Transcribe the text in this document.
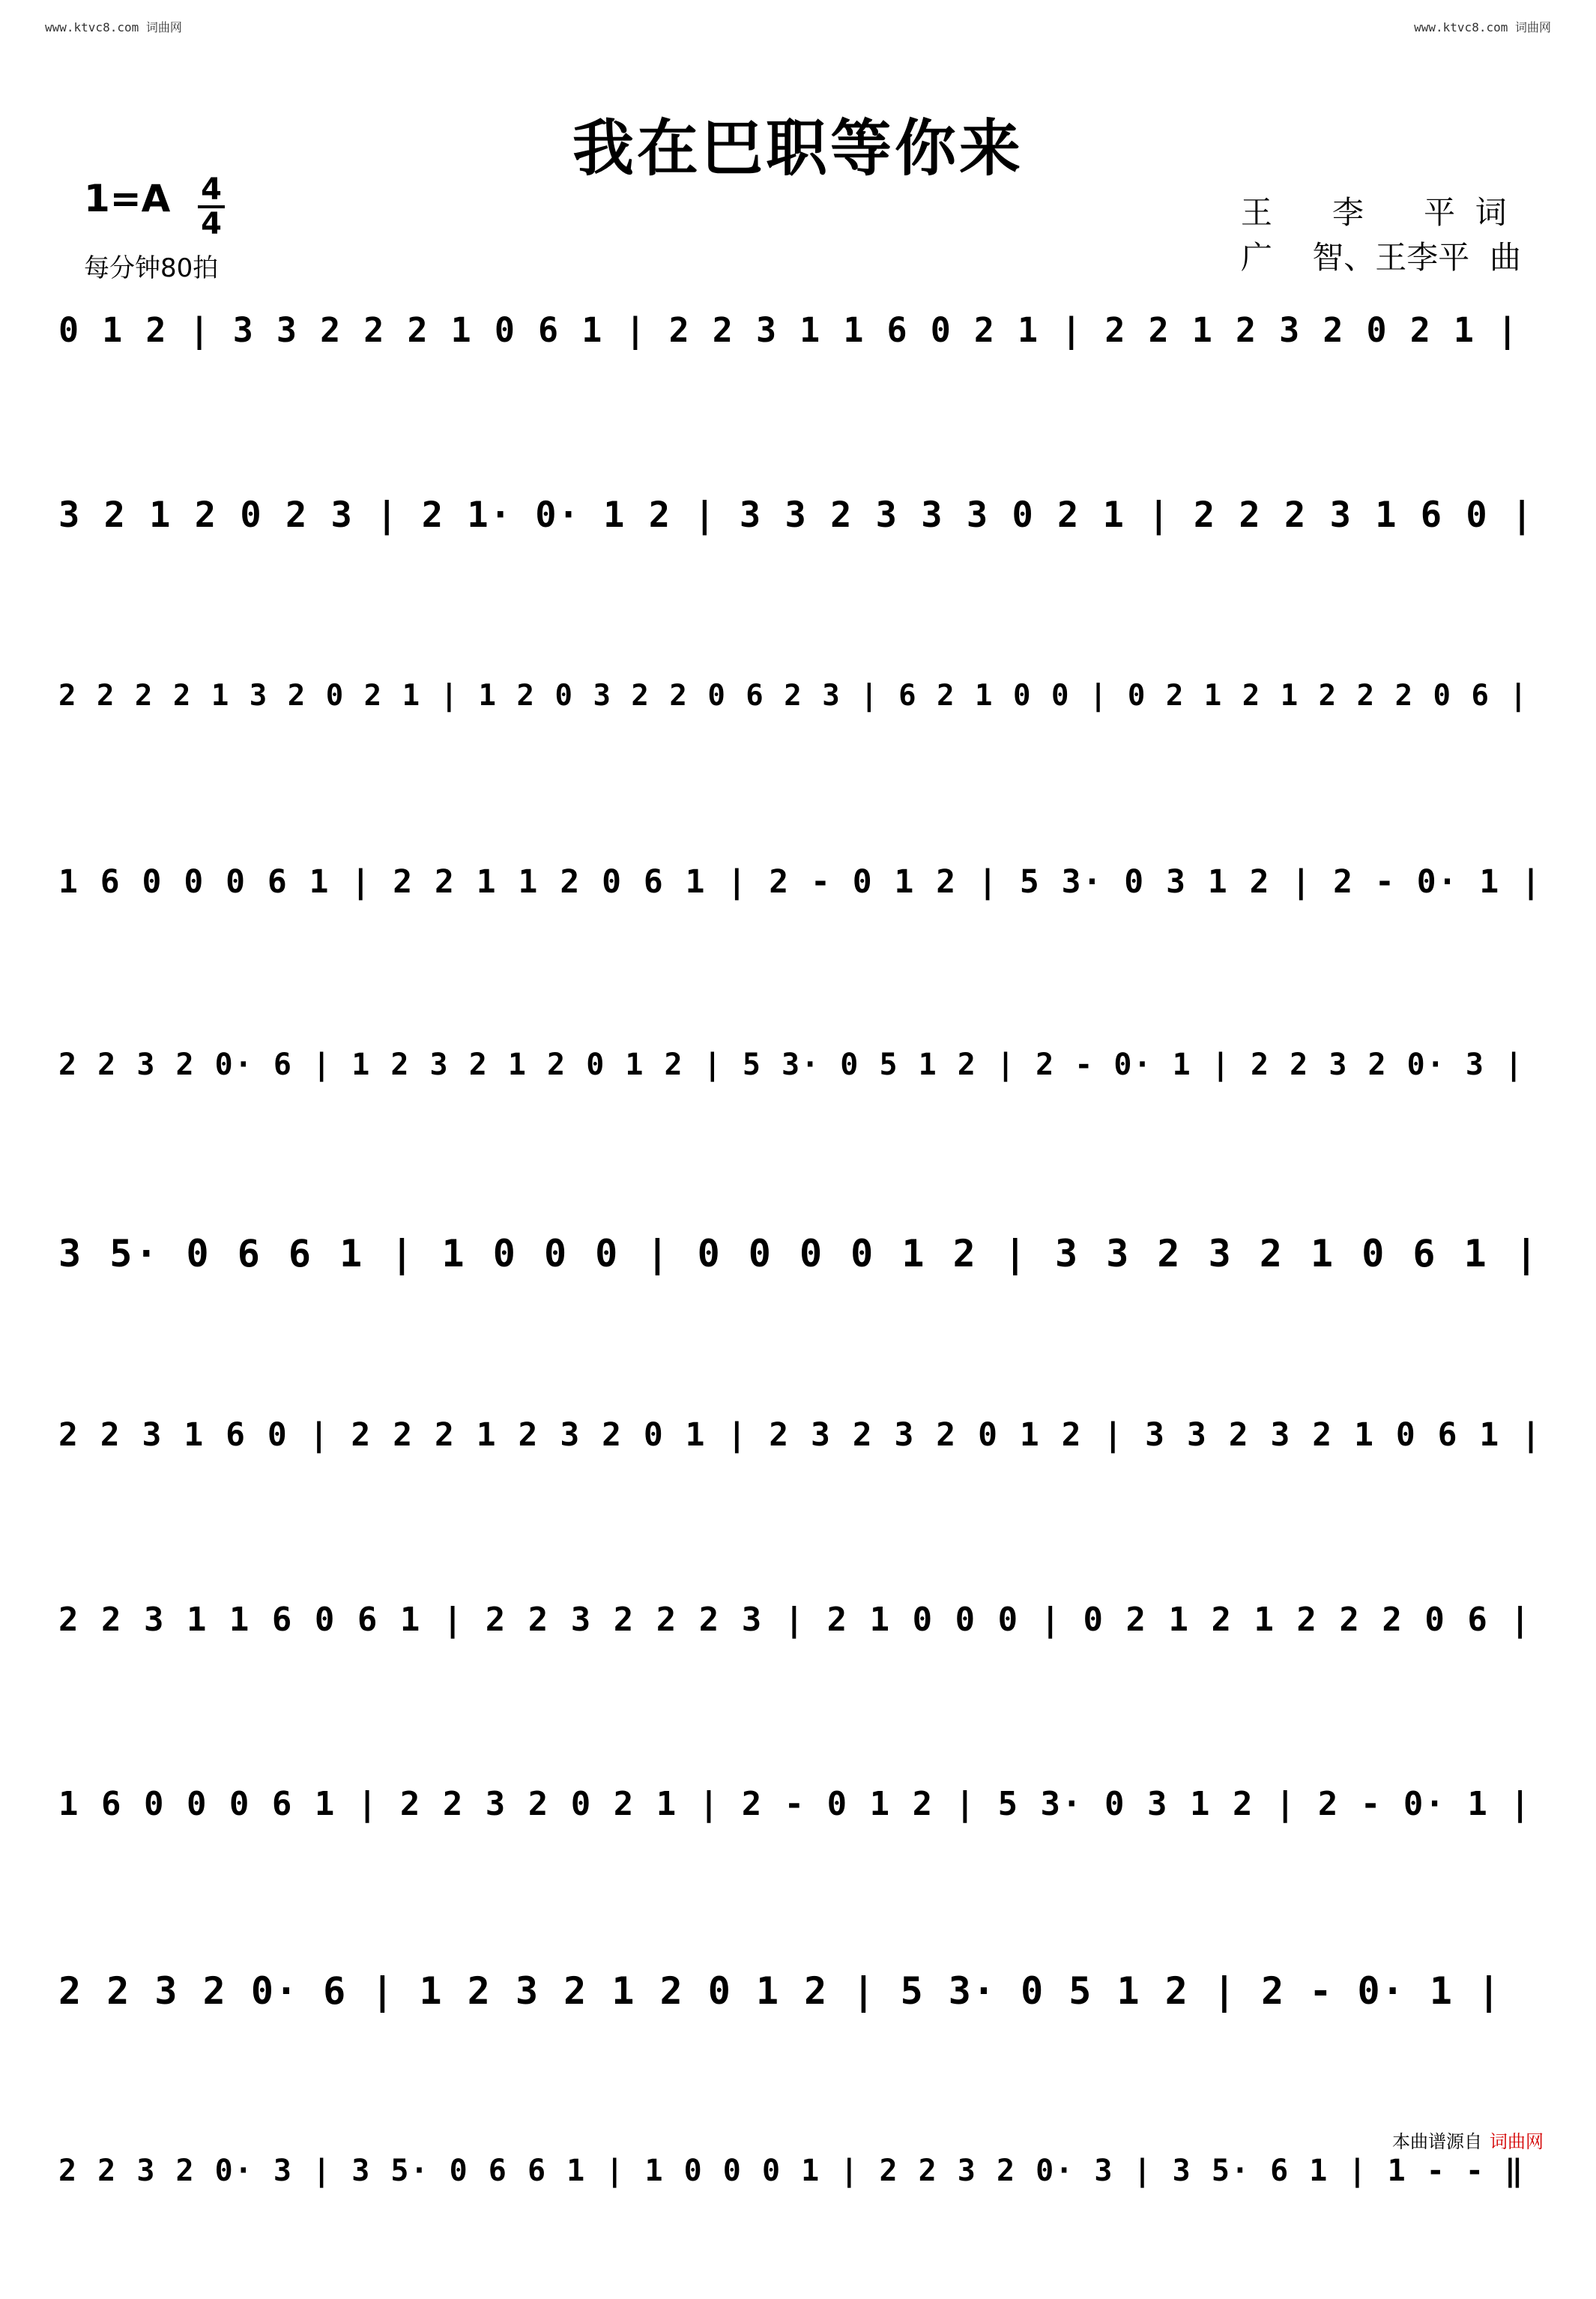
www.ktvc8.com 词曲网	www.ktvc8.com 词曲网
我在巴职等你来
1=A 4
4
每分钟80拍
王      李      平  词
广    智、王李平  曲
0 1 2 | 3 3 2 2 2 1 0 6 1 | 2 2 3 1 1 6 0 2 1 | 2 2 1 2 3 2 0 2 1 |
3 2 1 2 0 2 3 | 2 1· 0· 1 2 | 3 3 2 3 3 3 0 2 1 | 2 2 2 3 1 6 0 |
2 2 2 2 1 3 2 0 2 1 | 1 2 0 3 2 2 0 6 2 3 | 6 2 1 0 0 | 0 2 1 2 1 2 2 2 0 6 |
1 6 0 0 0 6 1 | 2 2 1 1 2 0 6 1 | 2 - 0 1 2 | 5 3· 0 3 1 2 | 2 - 0· 1 |
2 2 3 2 0· 6 | 1 2 3 2 1 2 0 1 2 | 5 3· 0 5 1 2 | 2 - 0· 1 | 2 2 3 2 0· 3 |
3 5· 0 6 6 1 | 1 0 0 0 | 0 0 0 0 1 2 | 3 3 2 3 2 1 0 6 1 |
2 2 3 1 6 0 | 2 2 2 1 2 3 2 0 1 | 2 3 2 3 2 0 1 2 | 3 3 2 3 2 1 0 6 1 |
2 2 3 1 1 6 0 6 1 | 2 2 3 2 2 2 3 | 2 1 0 0 0 | 0 2 1 2 1 2 2 2 0 6 |
1 6 0 0 0 6 1 | 2 2 3 2 0 2 1 | 2 - 0 1 2 | 5 3· 0 3 1 2 | 2 - 0· 1 |
2 2 3 2 0· 6 | 1 2 3 2 1 2 0 1 2 | 5 3· 0 5 1 2 | 2 - 0· 1 |
2 2 3 2 0· 3 | 3 5· 0 6 6 1 | 1 0 0 0 1 | 2 2 3 2 0· 3 | 3 5· 6 1 | 1 - - ‖
本曲谱源自 词曲网
